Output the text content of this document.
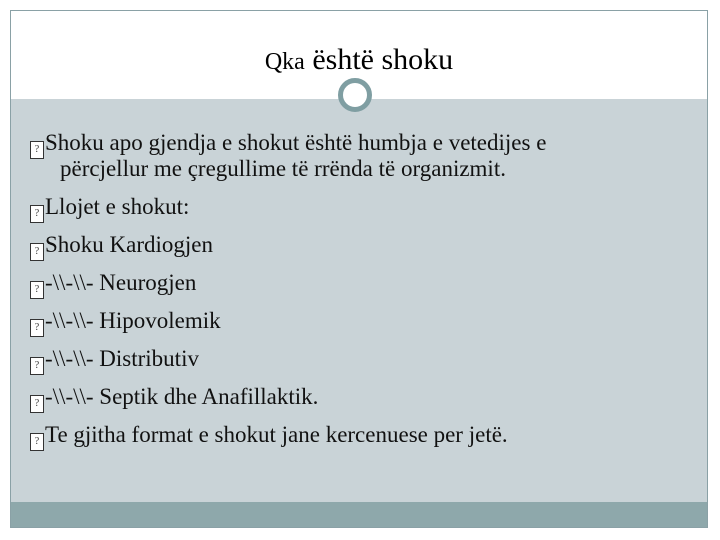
Qka është shoku
? Shoku apo gjendja e shokut është humbja e vetedijes e
përcjellur me çregullime të rrënda të organizmit.
? Llojet e shokut:
? Shoku Kardiogjen
? -\\-\\- Neurogjen
? -\\-\\- Hipovolemik
? -\\-\\- Distributiv
? -\\-\\- Septik dhe Anafillaktik.
? Te gjitha format e shokut jane kercenuese per jetë.
